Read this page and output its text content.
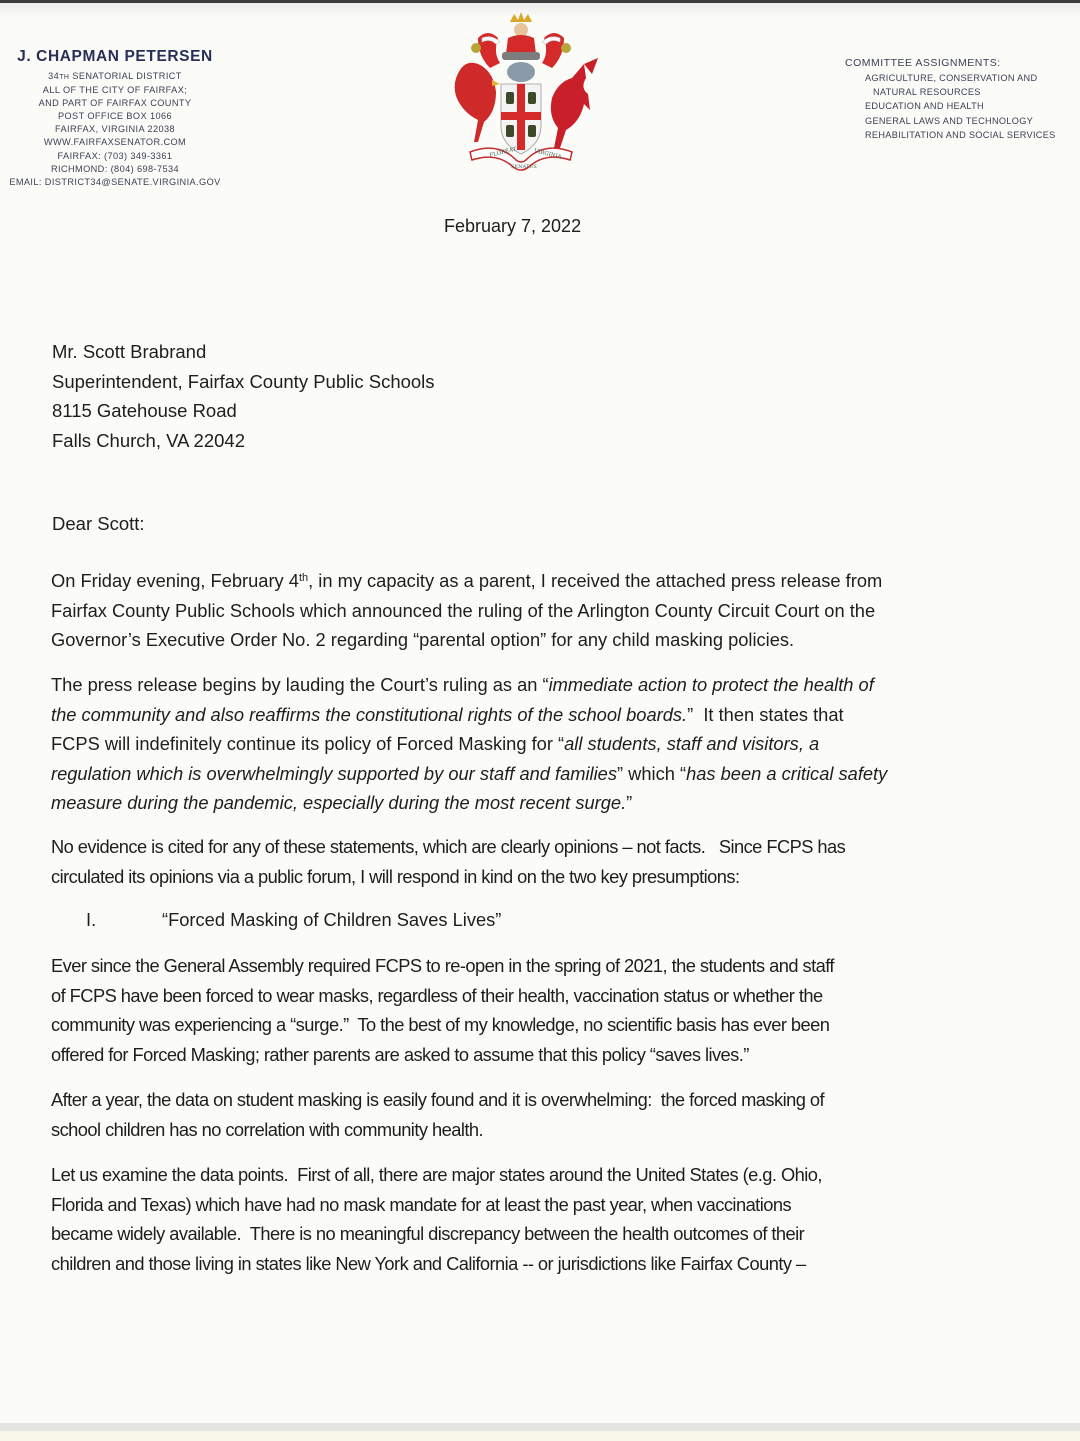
J. CHAPMAN PETERSEN
34TH SENATORIAL DISTRICT
ALL OF THE CITY OF FAIRFAX;
AND PART OF FAIRFAX COUNTY
POST OFFICE BOX 1066
FAIRFAX, VIRGINIA 22038
WWW.FAIRFAXSENATOR.COM
FAIRFAX: (703) 349-3361
RICHMOND: (804) 698-7534
EMAIL: DISTRICT34@SENATE.VIRGINIA.GOV
FLOREAT	VIRGINIA
SENATUS
COMMITTEE ASSIGNMENTS:
AGRICULTURE, CONSERVATION AND
NATURAL RESOURCES
EDUCATION AND HEALTH
GENERAL LAWS AND TECHNOLOGY
REHABILITATION AND SOCIAL SERVICES
February 7, 2022
Mr. Scott Brabrand
Superintendent, Fairfax County Public Schools
8115 Gatehouse Road
Falls Church, VA 22042
Dear Scott:
On Friday evening, February 4th, in my capacity as a parent, I received the attached press release from
Fairfax County Public Schools which announced the ruling of the Arlington County Circuit Court on the
Governor’s Executive Order No. 2 regarding “parental option” for any child masking policies.
The press release begins by lauding the Court’s ruling as an “immediate action to protect the health of
the community and also reaffirms the constitutional rights of the school boards.”  It then states that
FCPS will indefinitely continue its policy of Forced Masking for “all students, staff and visitors, a
regulation which is overwhelmingly supported by our staff and families” which “has been a critical safety
measure during the pandemic, especially during the most recent surge.”
No evidence is cited for any of these statements, which are clearly opinions – not facts.   Since FCPS has
circulated its opinions via a public forum, I will respond in kind on the two key presumptions:
I.	“Forced Masking of Children Saves Lives”
Ever since the General Assembly required FCPS to re-open in the spring of 2021, the students and staff
of FCPS have been forced to wear masks, regardless of their health, vaccination status or whether the
community was experiencing a “surge.”  To the best of my knowledge, no scientific basis has ever been
offered for Forced Masking; rather parents are asked to assume that this policy “saves lives.”
After a year, the data on student masking is easily found and it is overwhelming:  the forced masking of
school children has no correlation with community health.
Let us examine the data points.  First of all, there are major states around the United States (e.g. Ohio,
Florida and Texas) which have had no mask mandate for at least the past year, when vaccinations
became widely available.  There is no meaningful discrepancy between the health outcomes of their
children and those living in states like New York and California -- or jurisdictions like Fairfax County –
